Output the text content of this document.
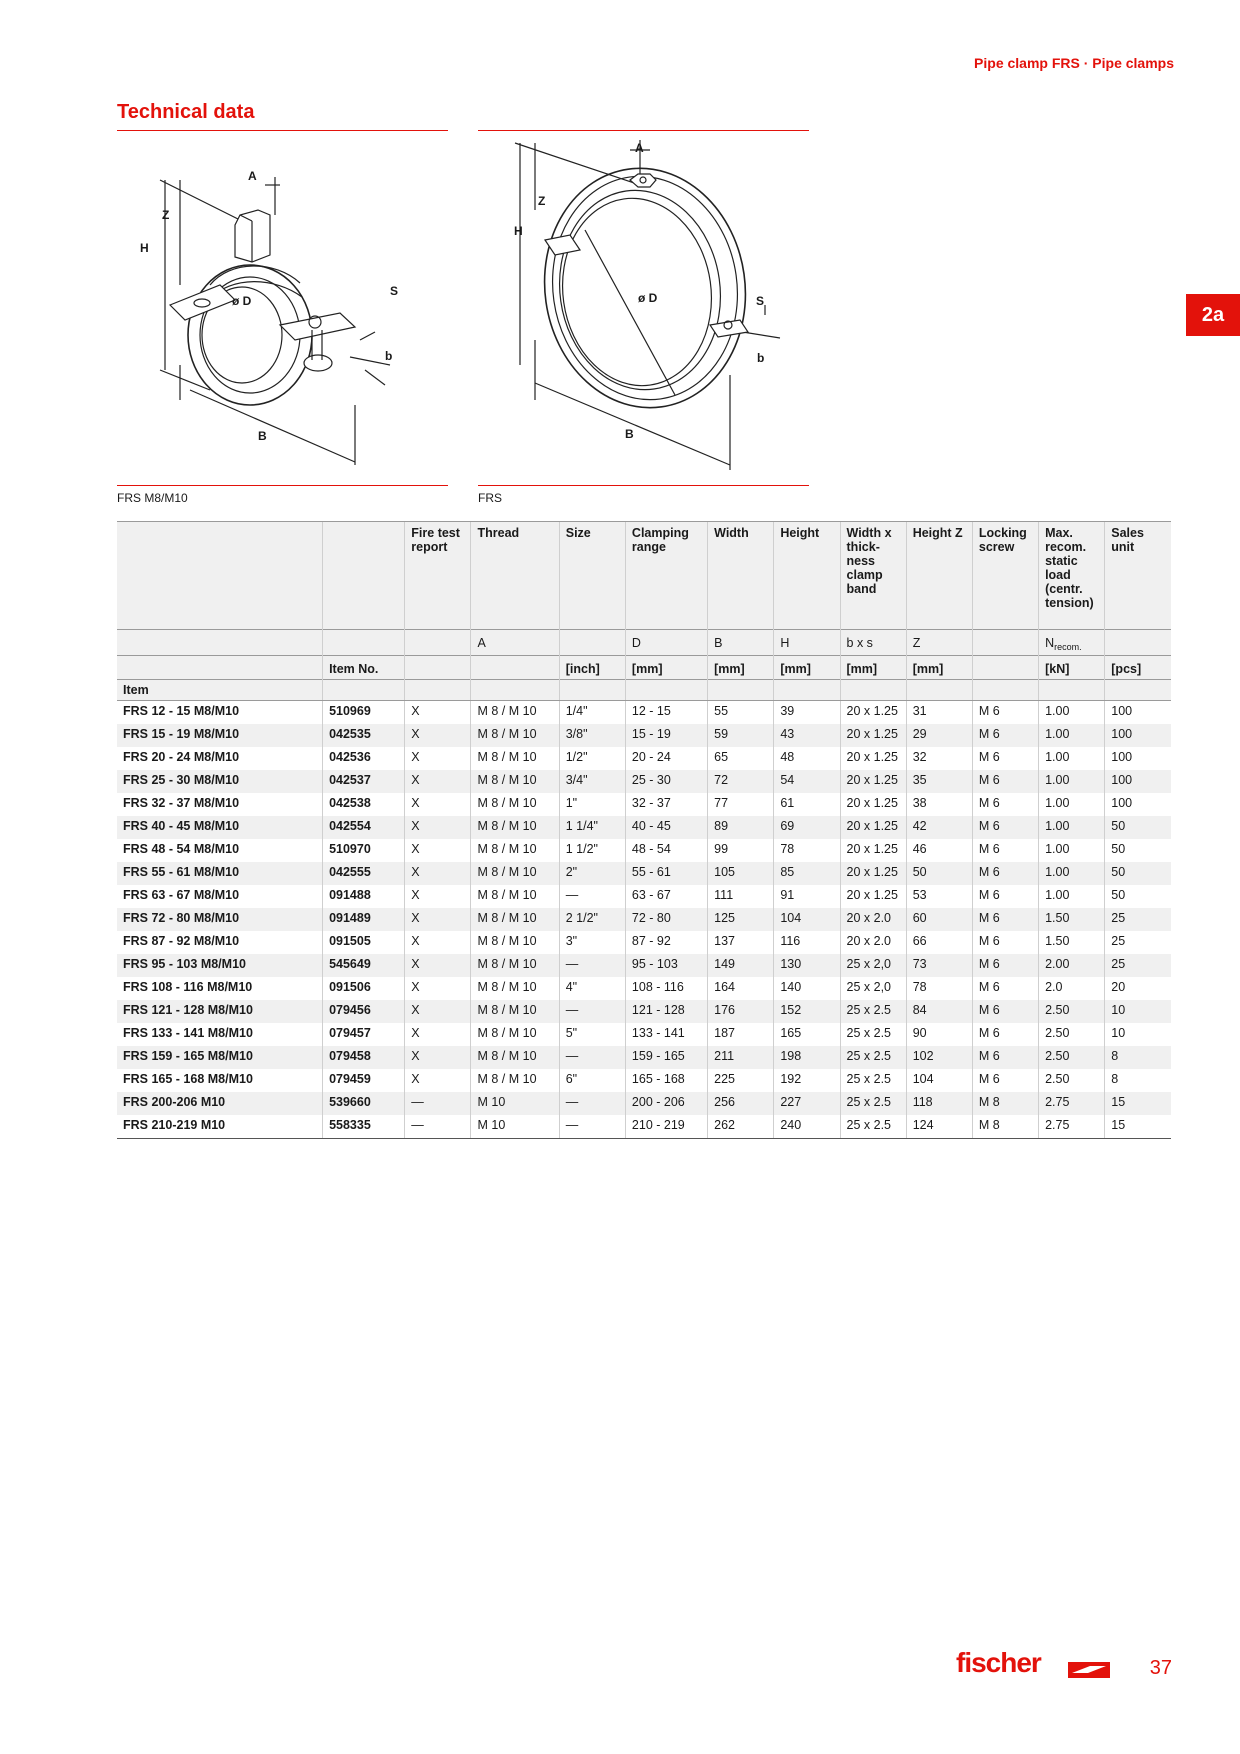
Pipe clamp FRS · Pipe clamps
Technical data
2a
A
Z
H
ø D
S
b
B
A
Z
H
ø D	S
b
B
FRS M8/M10	FRS
		Fire test report	Thread	Size	Clamping range	Width	Height	Width x thick-ness clamp band	Height Z	Locking screw	Max. recom. static load (centr. tension)	Sales unit
			A		D	B	H	b x s	Z		$N_{recom.}$	
	Item No.			[inch]	[mm]	[mm]	[mm]	[mm]	[mm]		[kN]	[pcs]
Item												
FRS 12 - 15 M8/M10	510969	X	M 8 / M 10	1/4"	12 - 15	55	39	20 x 1.25	31	M 6	1.00	100
FRS 15 - 19 M8/M10	042535	X	M 8 / M 10	3/8"	15 - 19	59	43	20 x 1.25	29	M 6	1.00	100
FRS 20 - 24 M8/M10	042536	X	M 8 / M 10	1/2"	20 - 24	65	48	20 x 1.25	32	M 6	1.00	100
FRS 25 - 30 M8/M10	042537	X	M 8 / M 10	3/4"	25 - 30	72	54	20 x 1.25	35	M 6	1.00	100
FRS 32 - 37 M8/M10	042538	X	M 8 / M 10	1"	32 - 37	77	61	20 x 1.25	38	M 6	1.00	100
FRS 40 - 45 M8/M10	042554	X	M 8 / M 10	1 1/4"	40 - 45	89	69	20 x 1.25	42	M 6	1.00	50
FRS 48 - 54 M8/M10	510970	X	M 8 / M 10	1 1/2"	48 - 54	99	78	20 x 1.25	46	M 6	1.00	50
FRS 55 - 61 M8/M10	042555	X	M 8 / M 10	2"	55 - 61	105	85	20 x 1.25	50	M 6	1.00	50
FRS 63 - 67 M8/M10	091488	X	M 8 / M 10	—	63 - 67	111	91	20 x 1.25	53	M 6	1.00	50
FRS 72 - 80 M8/M10	091489	X	M 8 / M 10	2 1/2"	72 - 80	125	104	20 x 2.0	60	M 6	1.50	25
FRS 87 - 92 M8/M10	091505	X	M 8 / M 10	3"	87 - 92	137	116	20 x 2.0	66	M 6	1.50	25
FRS 95 - 103 M8/M10	545649	X	M 8 / M 10	—	95 - 103	149	130	25 x 2,0	73	M 6	2.00	25
FRS 108 - 116 M8/M10	091506	X	M 8 / M 10	4"	108 - 116	164	140	25 x 2,0	78	M 6	2.0	20
FRS 121 - 128 M8/M10	079456	X	M 8 / M 10	—	121 - 128	176	152	25 x 2.5	84	M 6	2.50	10
FRS 133 - 141 M8/M10	079457	X	M 8 / M 10	5"	133 - 141	187	165	25 x 2.5	90	M 6	2.50	10
FRS 159 - 165 M8/M10	079458	X	M 8 / M 10	—	159 - 165	211	198	25 x 2.5	102	M 6	2.50	8
FRS 165 - 168 M8/M10	079459	X	M 8 / M 10	6"	165 - 168	225	192	25 x 2.5	104	M 6	2.50	8
FRS 200-206 M10	539660	—	M 10	—	200 - 206	256	227	25 x 2.5	118	M 8	2.75	15
FRS 210-219 M10	558335	—	M 10	—	210 - 219	262	240	25 x 2.5	124	M 8	2.75	15
fischer	37
